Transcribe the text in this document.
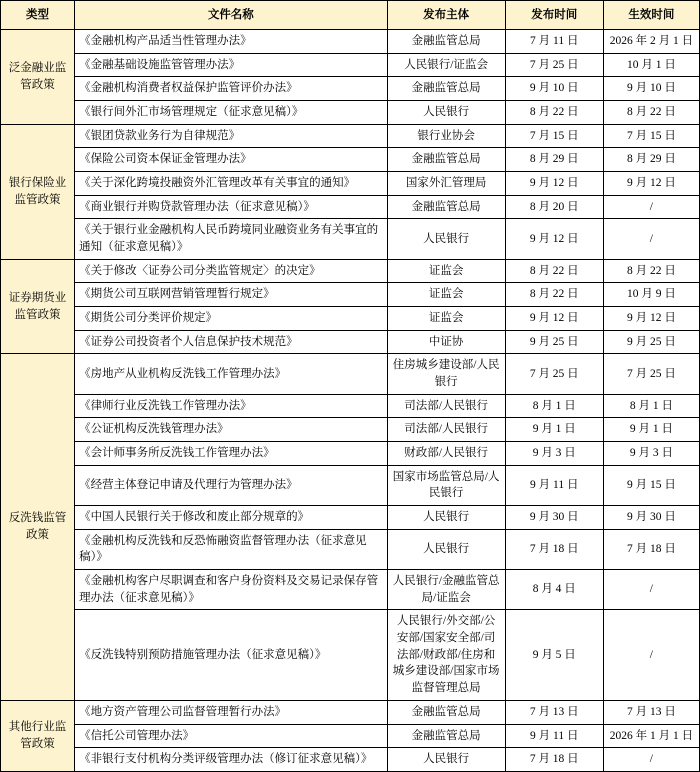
类型	文件名称	发布主体	发布时间	生效时间
泛金融业监管政策	《金融机构产品适当性管理办法》	金融监管总局	7 月 11 日	2026 年 2 月 1 日
	《金融基础设施监管管理办法》	人民银行/证监会	7 月 25 日	10 月 1 日
	《金融机构消费者权益保护监管评价办法》	金融监管总局	9 月 10 日	9 月 10 日
	《银行间外汇市场管理规定（征求意见稿）》	人民银行	8 月 22 日	8 月 22 日
银行保险业监管政策	《银团贷款业务行为自律规范》	银行业协会	7 月 15 日	7 月 15 日
	《保险公司资本保证金管理办法》	金融监管总局	8 月 29 日	8 月 29 日
	《关于深化跨境投融资外汇管理改革有关事宜的通知》	国家外汇管理局	9 月 12 日	9 月 12 日
	《商业银行并购贷款管理办法（征求意见稿）》	金融监管总局	8 月 20 日	/
	《关于银行业金融机构人民币跨境同业融资业务有关事宜的通知（征求意见稿）》	人民银行	9 月 12 日	/
证券期货业监管政策	《关于修改〈证券公司分类监管规定〉的决定》	证监会	8 月 22 日	8 月 22 日
	《期货公司互联网营销管理暂行规定》	证监会	8 月 22 日	10 月 9 日
	《期货公司分类评价规定》	证监会	9 月 12 日	9 月 12 日
	《证券公司投资者个人信息保护技术规范》	中证协	9 月 25 日	9 月 25 日
反洗钱监管政策	《房地产从业机构反洗钱工作管理办法》	住房城乡建设部/人民银行	7 月 25 日	7 月 25 日
	《律师行业反洗钱工作管理办法》	司法部/人民银行	8 月 1 日	8 月 1 日
	《公证机构反洗钱管理办法》	司法部/人民银行	9 月 1 日	9 月 1 日
	《会计师事务所反洗钱工作管理办法》	财政部/人民银行	9 月 3 日	9 月 3 日
	《经营主体登记申请及代理行为管理办法》	国家市场监管总局/人民银行	9 月 11 日	9 月 15 日
	《中国人民银行关于修改和废止部分规章的》	人民银行	9 月 30 日	9 月 30 日
	《金融机构反洗钱和反恐怖融资监督管理办法（征求意见稿）》	人民银行	7 月 18 日	7 月 18 日
	《金融机构客户尽职调查和客户身份资料及交易记录保存管理办法（征求意见稿）》	人民银行/金融监管总局/证监会	8 月 4 日	/
	《反洗钱特别预防措施管理办法（征求意见稿）》	人民银行/外交部/公安部/国家安全部/司法部/财政部/住房和城乡建设部/国家市场监督管理总局	9 月 5 日	/
其他行业监管政策	《地方资产管理公司监督管理暂行办法》	金融监管总局	7 月 13 日	7 月 13 日
	《信托公司管理办法》	金融监管总局	9 月 11 日	2026 年 1 月 1 日
	《非银行支付机构分类评级管理办法（修订征求意见稿）》	人民银行	7 月 18 日	/
